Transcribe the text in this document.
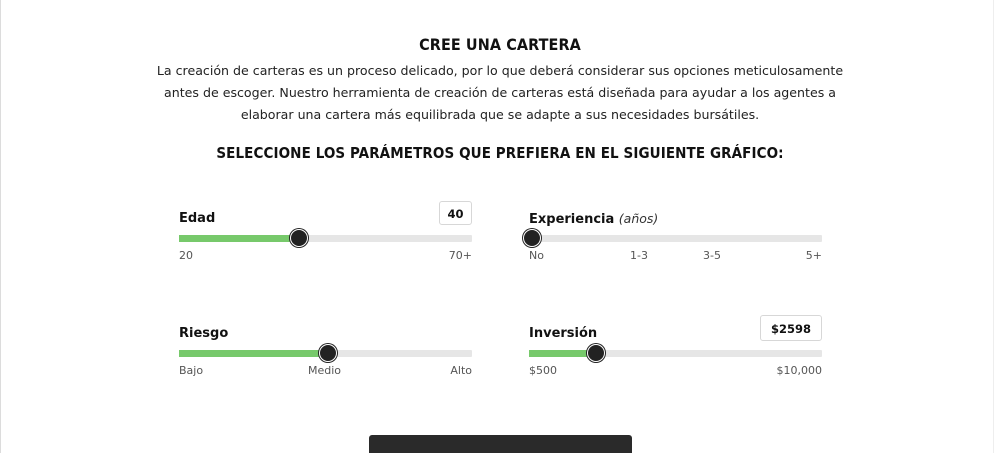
CREE UNA CARTERA
La creación de carteras es un proceso delicado, por lo que deberá considerar sus opciones meticulosamente antes de escoger. Nuestro herramienta de creación de carteras está diseñada para ayudar a los agentes a elaborar una cartera más equilibrada que se adapte a sus necesidades bursátiles.
SELECCIONE LOS PARÁMETROS QUE PREFIERA EN EL SIGUIENTE GRÁFICO:
Edad	40
20	70+
Experiencia (años)
No	1-3	3-5	5+
Riesgo
Bajo	Medio	Alto
Inversión	$2598
$500	$10,000
